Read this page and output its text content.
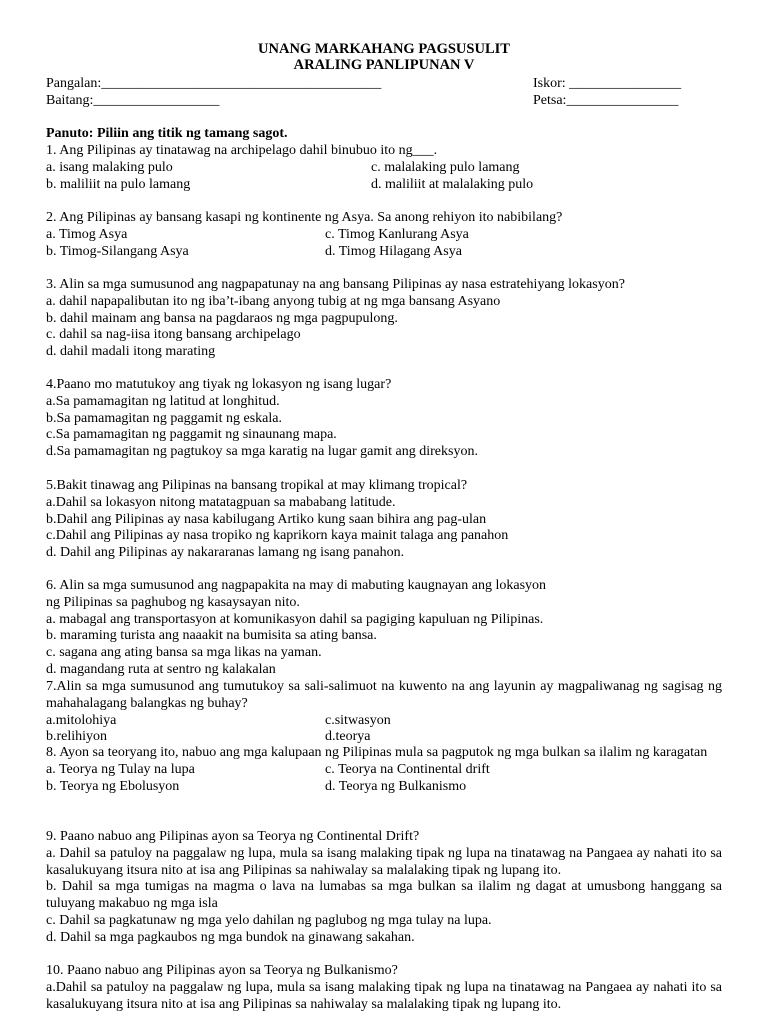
UNANG MARKAHANG PAGSUSULIT
ARALING PANLIPUNAN V
Pangalan:________________________________________	Iskor: ________________
Baitang:__________________	Petsa:________________
Panuto: Piliin ang titik ng tamang sagot.
1. Ang Pilipinas ay tinatawag na archipelago dahil binubuo ito ng___.
a. isang malaking pulo	c. malalaking pulo lamang
b. maliliit na pulo lamang	d. maliliit at malalaking pulo
2. Ang Pilipinas ay bansang kasapi ng kontinente ng Asya. Sa anong rehiyon ito nabibilang?
a. Timog Asya	c. Timog Kanlurang Asya
b. Timog-Silangang Asya	d. Timog Hilagang Asya
3. Alin sa mga sumusunod ang nagpapatunay na ang bansang Pilipinas ay nasa estratehiyang lokasyon?
a. dahil napapalibutan ito ng iba’t-ibang anyong tubig at ng mga bansang Asyano
b. dahil mainam ang bansa na pagdaraos ng mga pagpupulong.
c. dahil sa nag-iisa itong bansang archipelago
d. dahil madali itong marating
4.Paano mo matutukoy ang tiyak ng lokasyon ng isang lugar?
a.Sa pamamagitan ng latitud at longhitud.
b.Sa pamamagitan ng paggamit ng eskala.
c.Sa pamamagitan ng paggamit ng sinaunang mapa.
d.Sa pamamagitan ng pagtukoy sa mga karatig na lugar gamit ang direksyon.
5.Bakit tinawag ang Pilipinas na bansang tropikal at may klimang tropical?
a.Dahil sa lokasyon nitong matatagpuan sa mababang latitude.
b.Dahil ang Pilipinas ay nasa kabilugang Artiko kung saan bihira ang pag-ulan
c.Dahil ang Pilipinas ay nasa tropiko ng kaprikorn kaya mainit talaga ang panahon
d. Dahil ang Pilipinas ay nakararanas lamang ng isang panahon.
6. Alin sa mga sumusunod ang nagpapakita na may di mabuting kaugnayan ang lokasyon
ng Pilipinas sa paghubog ng kasaysayan nito.
a. mabagal ang transportasyon at komunikasyon dahil sa pagiging kapuluan ng Pilipinas.
b. maraming turista ang naaakit na bumisita sa ating bansa.
c. sagana ang ating bansa sa mga likas na yaman.
d. magandang ruta at sentro ng kalakalan
7.Alin sa mga sumusunod ang tumutukoy sa sali-salimuot na kuwento na ang layunin ay magpaliwanag ng sagisag ng mahahalagang balangkas ng buhay?
a.mitolohiya	c.sitwasyon
b.relihiyon	d.teorya
8. Ayon sa teoryang ito, nabuo ang mga kalupaan ng Pilipinas mula sa pagputok ng mga bulkan sa ilalim ng karagatan
a. Teorya ng Tulay na lupa	c. Teorya na Continental drift
b. Teorya ng Ebolusyon	d. Teorya ng Bulkanismo
9. Paano nabuo ang Pilipinas ayon sa Teorya ng Continental Drift?
a. Dahil sa patuloy na paggalaw ng lupa, mula sa isang malaking tipak ng lupa na tinatawag na Pangaea ay nahati ito sa kasalukuyang itsura nito at isa ang Pilipinas sa nahiwalay sa malalaking tipak ng lupang ito.
b. Dahil sa mga tumigas na magma o lava na lumabas sa mga bulkan sa ilalim ng dagat at umusbong hanggang sa tuluyang makabuo ng mga isla
c. Dahil sa pagkatunaw ng mga yelo dahilan ng paglubog ng mga tulay na lupa.
d. Dahil sa mga pagkaubos ng mga bundok na ginawang sakahan.
10. Paano nabuo ang Pilipinas ayon sa Teorya ng Bulkanismo?
a.Dahil sa patuloy na paggalaw ng lupa, mula sa isang malaking tipak ng lupa na tinatawag na Pangaea ay nahati ito sa kasalukuyang itsura nito at isa ang Pilipinas sa nahiwalay sa malalaking tipak ng lupang ito.
